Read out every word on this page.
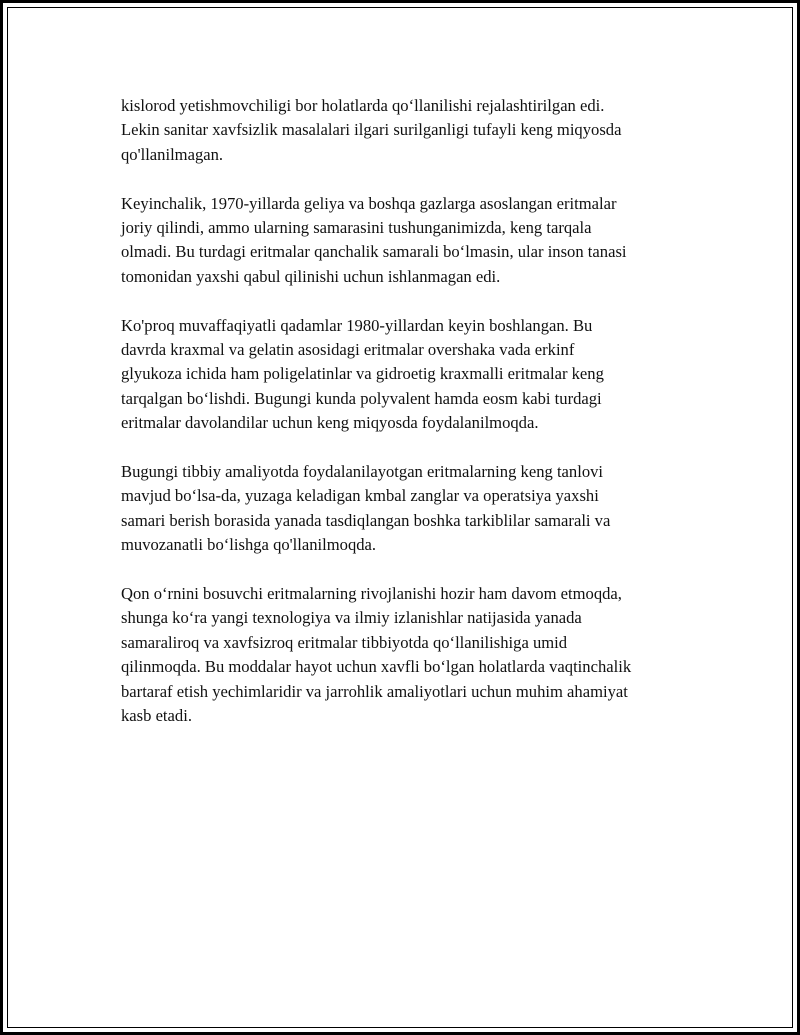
kislorod yetishmovchiligi bor holatlarda qo‘llanilishi rejalashtirilgan edi.
Lekin sanitar xavfsizlik masalalari ilgari surilganligi tufayli keng miqyosda
qo'llanilmagan.

Keyinchalik, 1970-yillarda geliya va boshqa gazlarga asoslangan eritmalar
joriy qilindi, ammo ularning samarasini tushunganimizda, keng tarqala
olmadi. Bu turdagi eritmalar qanchalik samarali bo‘lmasin, ular inson tanasi
tomonidan yaxshi qabul qilinishi uchun ishlanmagan edi.

Ko'proq muvaffaqiyatli qadamlar 1980-yillardan keyin boshlangan. Bu
davrda kraxmal va gelatin asosidagi eritmalar overshaka vada erkinf
glyukoza ichida ham poligelatinlar va gidroetig kraxmalli eritmalar keng
tarqalgan bo‘lishdi. Bugungi kunda polyvalent hamda eosm kabi turdagi
eritmalar davolandilar uchun keng miqyosda foydalanilmoqda.

Bugungi tibbiy amaliyotda foydalanilayotgan eritmalarning keng tanlovi
mavjud bo‘lsa-da, yuzaga keladigan kmbal zanglar va operatsiya yaxshi
samari berish borasida yanada tasdiqlangan boshka tarkiblilar samarali va
muvozanatli bo‘lishga qo'llanilmoqda.

Qon o‘rnini bosuvchi eritmalarning rivojlanishi hozir ham davom etmoqda,
shunga ko‘ra yangi texnologiya va ilmiy izlanishlar natijasida yanada
samaraliroq va xavfsizroq eritmalar tibbiyotda qo‘llanilishiga umid
qilinmoqda. Bu moddalar hayot uchun xavfli bo‘lgan holatlarda vaqtinchalik
bartaraf etish yechimlaridir va jarrohlik amaliyotlari uchun muhim ahamiyat
kasb etadi.
